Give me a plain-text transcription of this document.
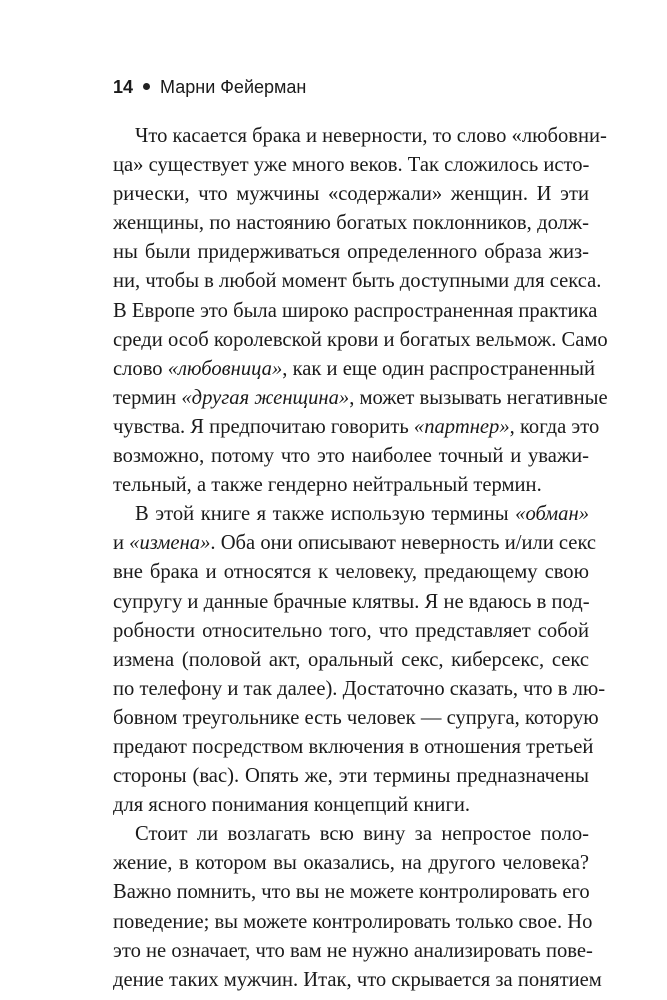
14 Марни Фейерман
Что касается брака и неверности, то слово «любовни-
ца» существует уже много веков. Так сложилось исто-
рически, что мужчины «содержали» женщин. И эти
женщины, по настоянию богатых поклонников, долж-
ны были придерживаться определенного образа жиз-
ни, чтобы в любой момент быть доступными для секса.
В Европе это была широко распространенная практика
среди особ королевской крови и богатых вельмож. Само
слово «любовница», как и еще один распространенный
термин «другая женщина», может вызывать негативные
чувства. Я предпочитаю говорить «партнер», когда это
возможно, потому что это наиболее точный и уважи-
тельный, а также гендерно нейтральный термин.
В этой книге я также использую термины «обман»
и «измена». Оба они описывают неверность и/или секс
вне брака и относятся к человеку, предающему свою
супругу и данные брачные клятвы. Я не вдаюсь в под-
робности относительно того, что представляет собой
измена (половой акт, оральный секс, киберсекс, секс
по телефону и так далее). Достаточно сказать, что в лю-
бовном треугольнике есть человек — супруга, которую
предают посредством включения в отношения третьей
стороны (вас). Опять же, эти термины предназначены
для ясного понимания концепций книги.
Стоит ли возлагать всю вину за непростое поло-
жение, в котором вы оказались, на другого человека?
Важно помнить, что вы не можете контролировать его
поведение; вы можете контролировать только свое. Но
это не означает, что вам не нужно анализировать пове-
дение таких мужчин. Итак, что скрывается за понятием
